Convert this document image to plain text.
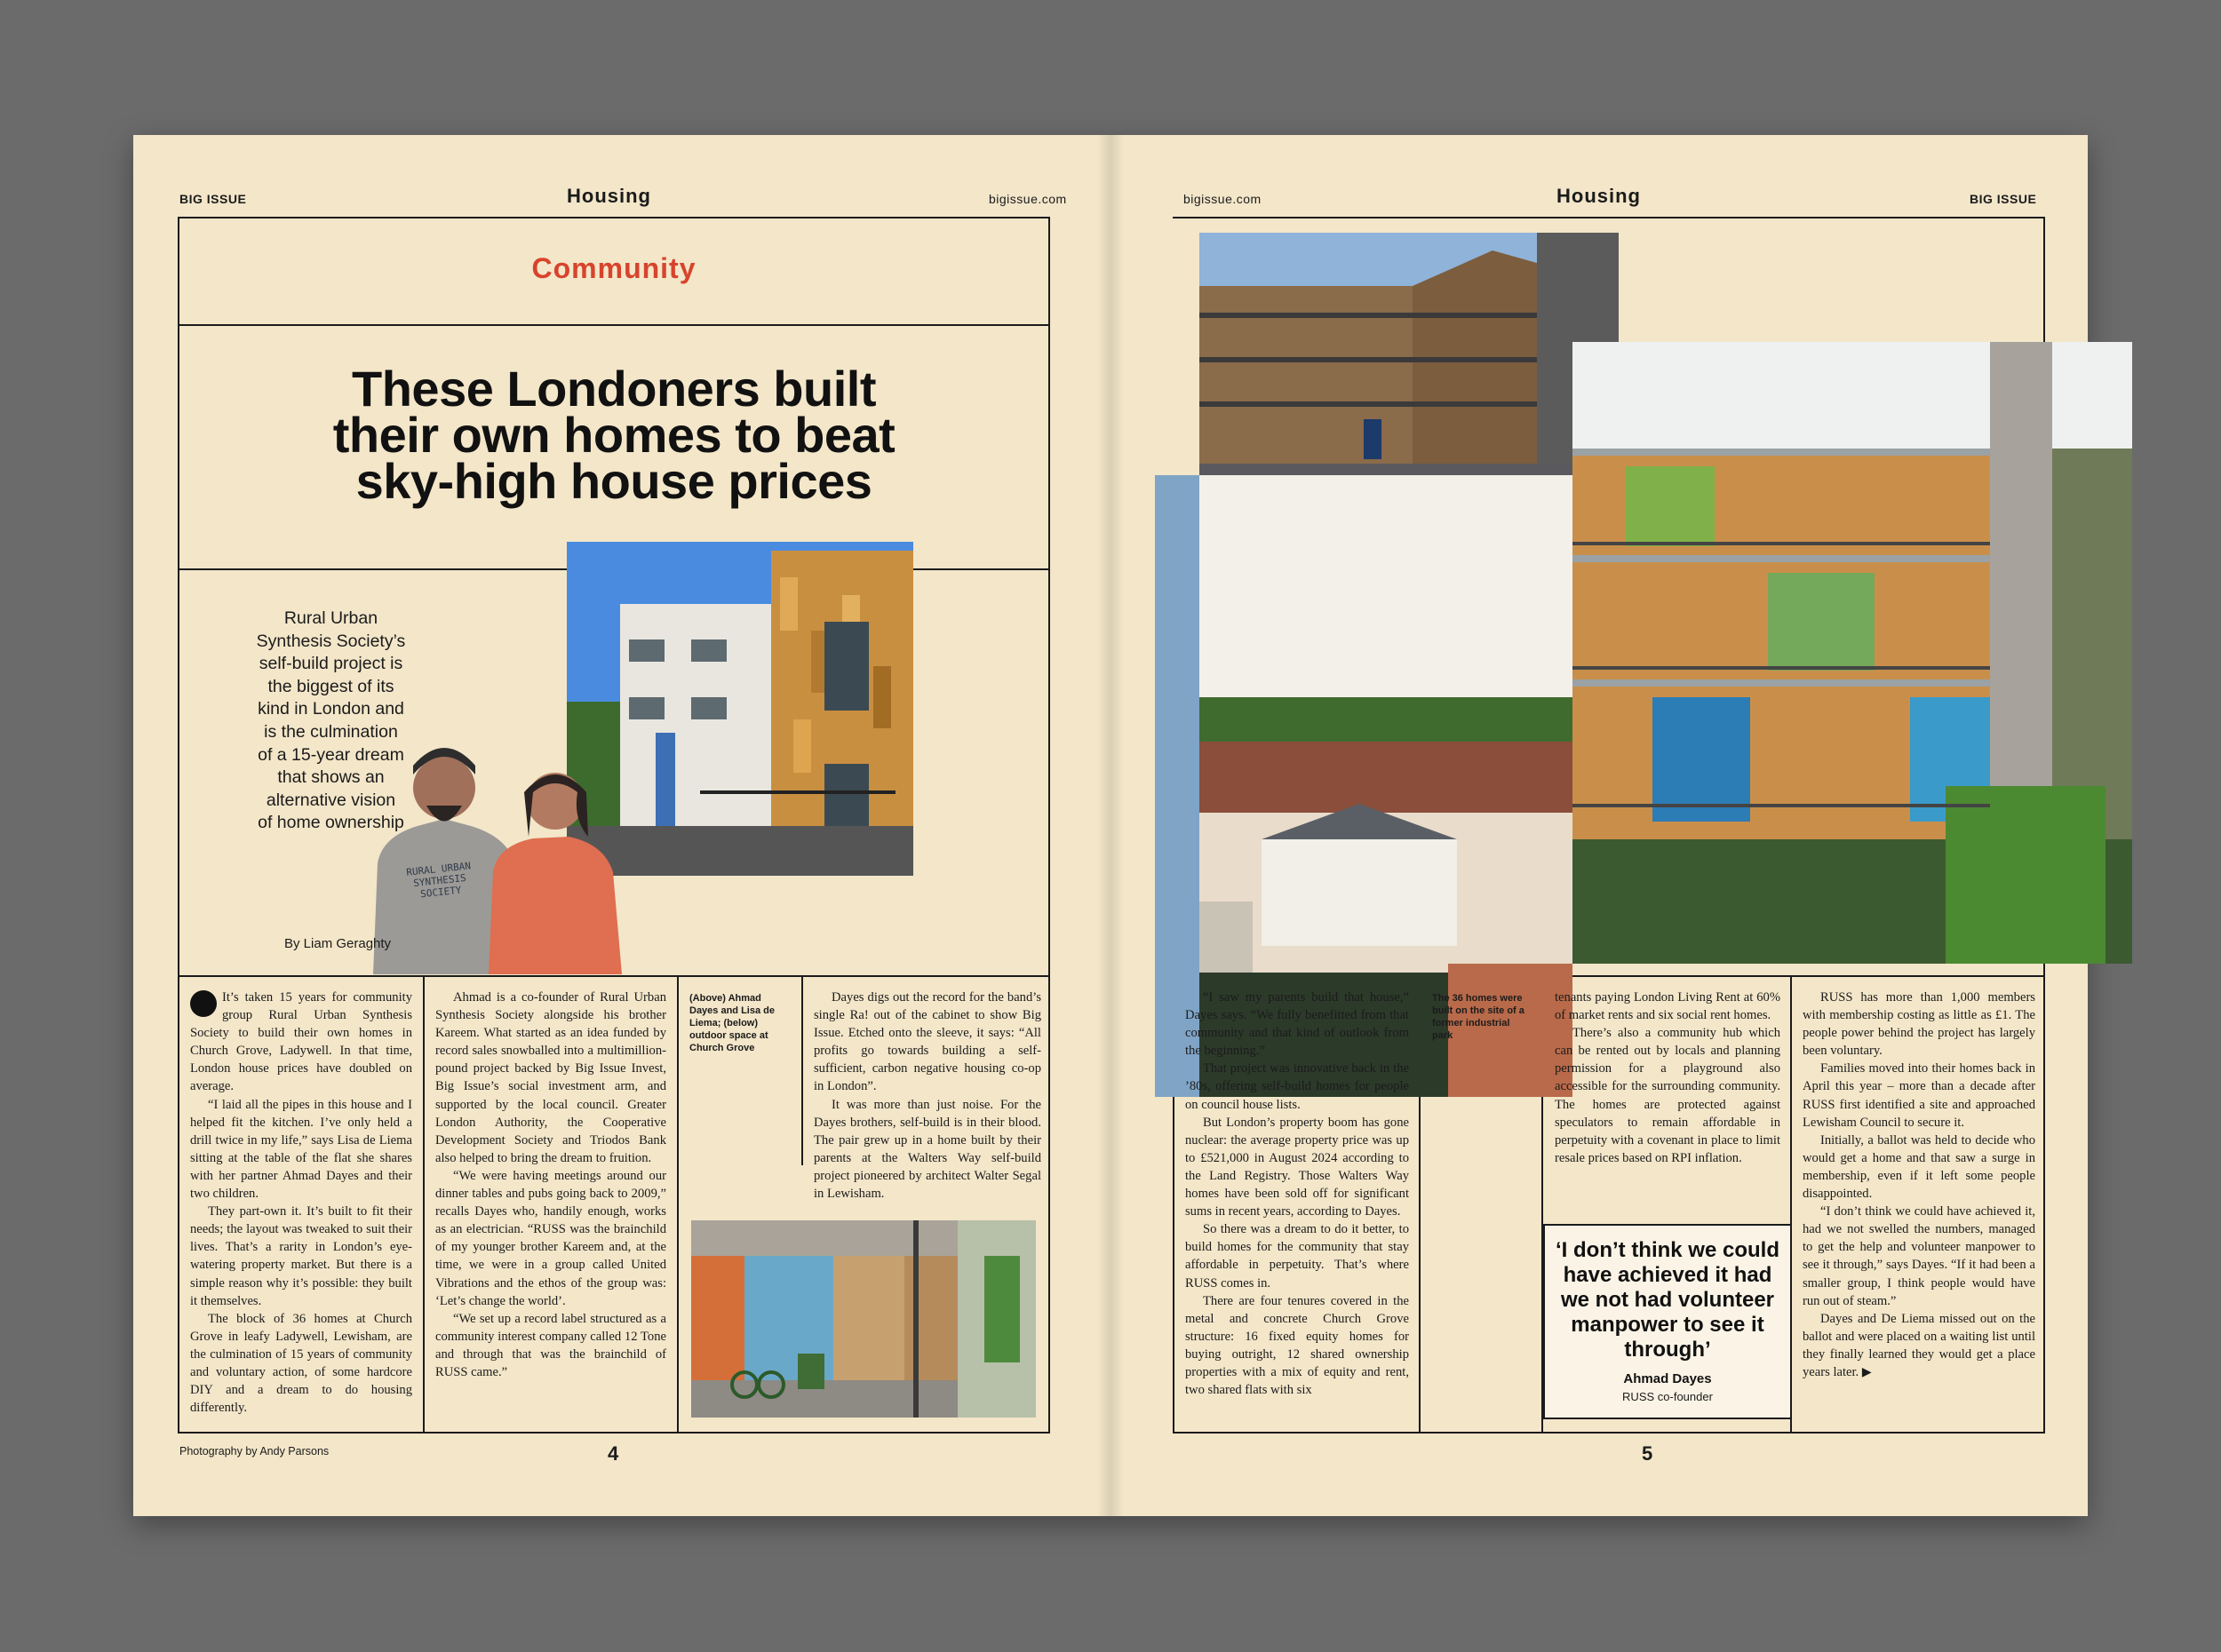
BIG ISSUE	Housing	bigissue.com
Community
These Londoners built
their own homes to beat
sky-high house prices
Rural Urban
Synthesis Society’s
self-build project is
the biggest of its
kind in London and
is the culmination
of a 15-year dream
that shows an
alternative vision
of home ownership
RURAL URBAN SYNTHESIS SOCIETY
By Liam Geraghty

It’s taken 15 years for community group Rural Urban Synthesis Society to build their own homes in Church Grove, Ladywell. In that time, London house prices have doubled on average.

“I laid all the pipes in this house and I helped fit the kitchen. I’ve only held a drill twice in my life,” says Lisa de Liema sitting at the table of the flat she shares with her partner Ahmad Dayes and their two children.

They part-own it. It’s built to fit their needs; the layout was tweaked to suit their lives. That’s a rarity in London’s eye-watering property market. But there is a simple reason why it’s possible: they built it themselves.

The block of 36 homes at Church Grove in leafy Ladywell, Lewisham, are the culmination of 15 years of community and voluntary action, of some hardcore DIY and a dream to do housing differently.

Ahmad is a co-founder of Rural Urban Synthesis Society alongside his brother Kareem. What started as an idea funded by record sales snowballed into a multimillion-pound project backed by Big Issue Invest, Big Issue’s social investment arm, and supported by the local council. Greater London Authority, the Cooperative Development Society and Triodos Bank also helped to bring the dream to fruition.

“We were having meetings around our dinner tables and pubs going back to 2009,” recalls Dayes who, handily enough, works as an electrician. “RUSS was the brainchild of my younger brother Kareem and, at the time, we were in a group called United Vibrations and the ethos of the group was: ‘Let’s change the world’.

“We set up a record label structured as a community interest company called 12 Tone and through that was the brainchild of RUSS came.”

(Above) Ahmad Dayes and Lisa de Liema; (below) outdoor space at Church Grove

Dayes digs out the record for the band’s single Ra! out of the cabinet to show Big Issue. Etched onto the sleeve, it says: “All profits go towards building a self-sufficient, carbon negative housing co-op in London”.

It was more than just noise. For the Dayes brothers, self-build is in their blood. The pair grew up in a home built by their parents at the Walters Way self-build project pioneered by architect Walter Segal in Lewisham.

Photography by Andy Parsons	4
bigissue.com	Housing	BIG ISSUE

“I saw my parents build that house,” Dayes says. “We fully benefitted from that community and that kind of outlook from the beginning.”

That project was innovative back in the ’80s, offering self-build homes for people on council house lists.

But London’s property boom has gone nuclear: the average property price was up to £521,000 in August 2024 according to the Land Registry. Those Walters Way homes have been sold off for significant sums in recent years, according to Dayes.

So there was a dream to do it better, to build homes for the community that stay affordable in perpetuity. That’s where RUSS comes in.

There are four tenures covered in the metal and concrete Church Grove structure: 16 fixed equity homes for buying outright, 12 shared ownership properties with a mix of equity and rent, two shared flats with six

The 36 homes were built on the site of a former industrial park

tenants paying London Living Rent at 60% of market rents and six social rent homes.

There’s also a community hub which can be rented out by locals and planning permission for a playground also accessible for the surrounding community. The homes are protected against speculators to remain affordable in perpetuity with a covenant in place to limit resale prices based on RPI inflation.

‘I don’t think we could have achieved it had we not had volunteer manpower to see it through’
Ahmad Dayes
RUSS co-founder

RUSS has more than 1,000 members with membership costing as little as £1. The people power behind the project has largely been voluntary.

Families moved into their homes back in April this year – more than a decade after RUSS first identified a site and approached Lewisham Council to secure it.

Initially, a ballot was held to decide who would get a home and that saw a surge in membership, even if it left some people disappointed.

“I don’t think we could have achieved it, had we not swelled the numbers, managed to get the help and volunteer manpower to see it through,” says Dayes. “If it had been a smaller group, I think people would have run out of steam.”

Dayes and De Liema missed out on the ballot and were placed on a waiting list until they finally learned they would get a place years later. ▶

5
